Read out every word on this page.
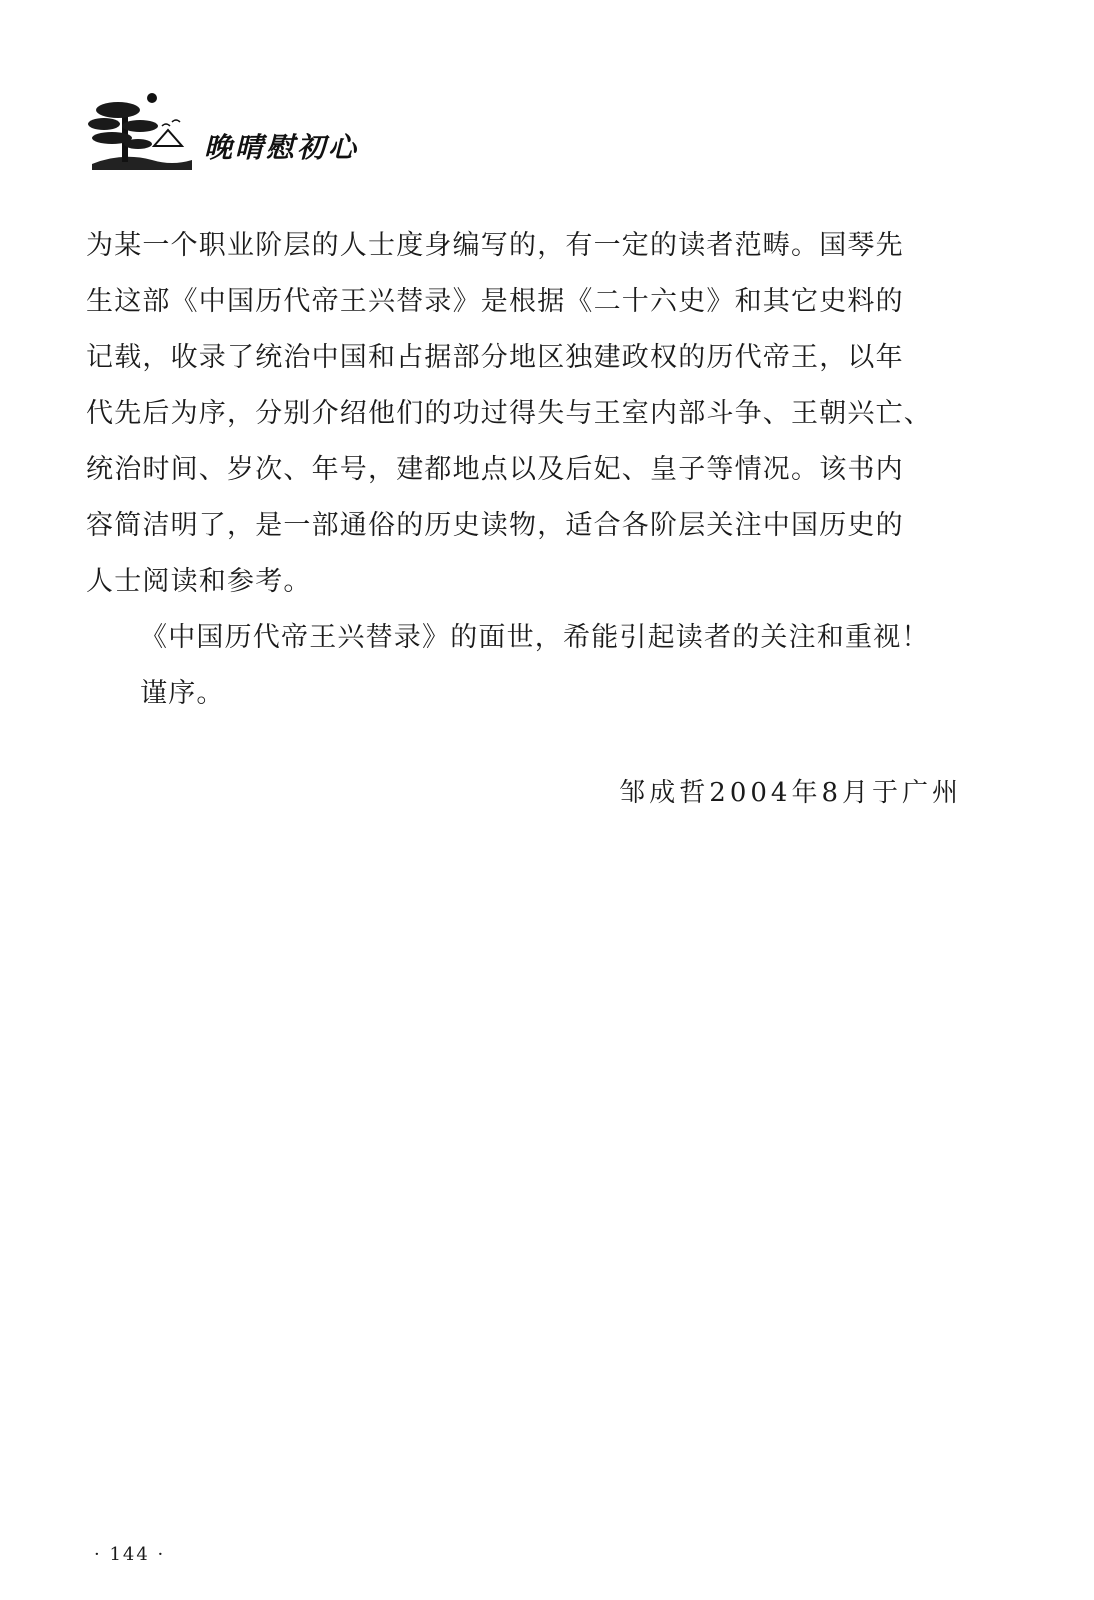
晚晴慰初心
为某一个职业阶层的人士度身编写的，有一定的读者范畴。国琴先
生这部《中国历代帝王兴替录》是根据《二十六史》和其它史料的
记载，收录了统治中国和占据部分地区独建政权的历代帝王，以年
代先后为序，分别介绍他们的功过得失与王室内部斗争、王朝兴亡、
统治时间、岁次、年号，建都地点以及后妃、皇子等情况。该书内
容简洁明了，是一部通俗的历史读物，适合各阶层关注中国历史的
人士阅读和参考。
《中国历代帝王兴替录》的面世，希能引起读者的关注和重视！
谨序。
邹成哲2004年8月于广州
· 144 ·
